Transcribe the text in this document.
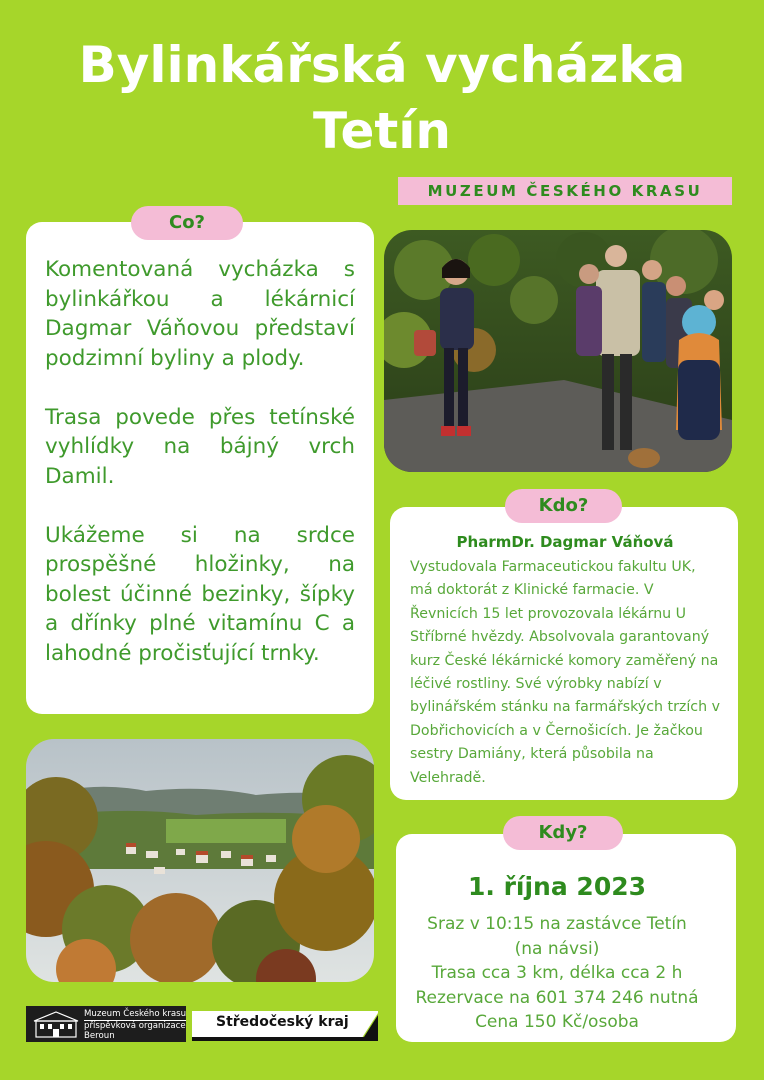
Bylinkářská vycházka
Tetín
MUZEUM ČESKÉHO KRASU
Co?

Komentovaná vycházka s bylinkářkou a lékárnicí Dagmar Váňovou představí podzimní byliny a plody.

Trasa povede přes tetínské vyhlídky na bájný vrch Damil.

Ukážeme si na srdce prospěšné hložinky, na bolest účinné bezinky, šípky a dřínky plné vitamínu C a lahodné pročisťující trnky.

Kdo?
PharmDr. Dagmar Váňová
Vystudovala Farmaceutickou fakultu UK, má doktorát z Klinické farmacie. V Řevnicích 15 let provozovala lékárnu U Stříbrné hvězdy. Absolvovala garantovaný kurz České lékárnické komory zaměřený na léčivé rostliny. Své výrobky nabízí v bylinářském stánku na farmářských trzích v Dobřichovicích a v Černošicích. Je žačkou sestry Damiány, která působila na Velehradě.
Kdy?
1. října 2023
Sraz v 10:15 na zastávce Tetín
(na návsi)
Trasa cca 3 km, délka cca 2 h
Rezervace na 601 374 246 nutná
Cena 150 Kč/osoba
Muzeum Českého krasu
příspěvková organizace
Beroun
Středočeský kraj
